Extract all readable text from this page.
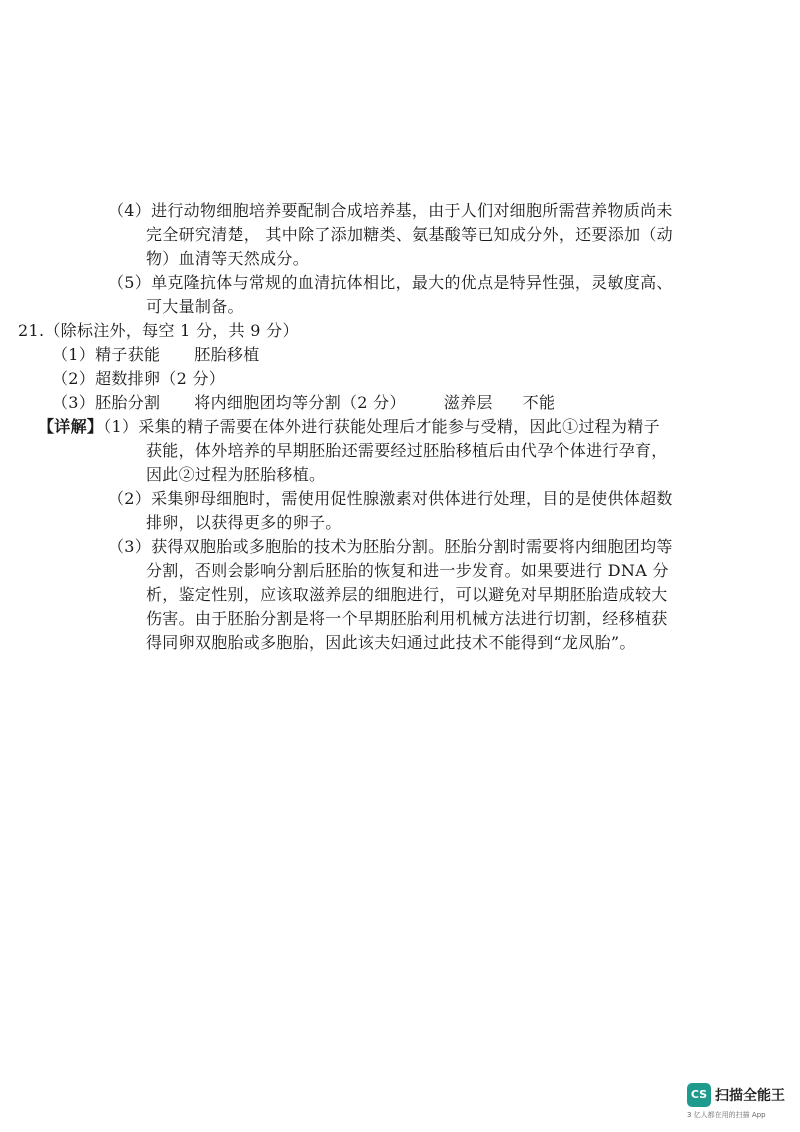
（4）进行动物细胞培养要配制合成培养基，由于人们对细胞所需营养物质尚未
完全研究清楚， 其中除了添加糖类、氨基酸等已知成分外，还要添加（动
物）血清等天然成分。
（5）单克隆抗体与常规的血清抗体相比，最大的优点是特异性强，灵敏度高、
可大量制备。
21.（除标注外，每空 1 分，共 9 分）
（1）精子获能 胚胎移植
（2）超数排卵（2 分）
（3）胚胎分割 将内细胞团均等分割（2 分） 滋养层 不能
【详解】（1）采集的精子需要在体外进行获能处理后才能参与受精，因此①过程为精子
获能，体外培养的早期胚胎还需要经过胚胎移植后由代孕个体进行孕育，
因此②过程为胚胎移植。
（2）采集卵母细胞时，需使用促性腺激素对供体进行处理，目的是使供体超数
排卵，以获得更多的卵子。
（3）获得双胞胎或多胞胎的技术为胚胎分割。胚胎分割时需要将内细胞团均等
分割，否则会影响分割后胚胎的恢复和进一步发育。如果要进行 DNA 分
析，鉴定性别，应该取滋养层的细胞进行，可以避免对早期胚胎造成较大
伤害。由于胚胎分割是将一个早期胚胎利用机械方法进行切割，经移植获
得同卵双胞胎或多胞胎，因此该夫妇通过此技术不能得到“龙凤胎”。
CS 扫描全能王
3 亿人都在用的扫描 App
